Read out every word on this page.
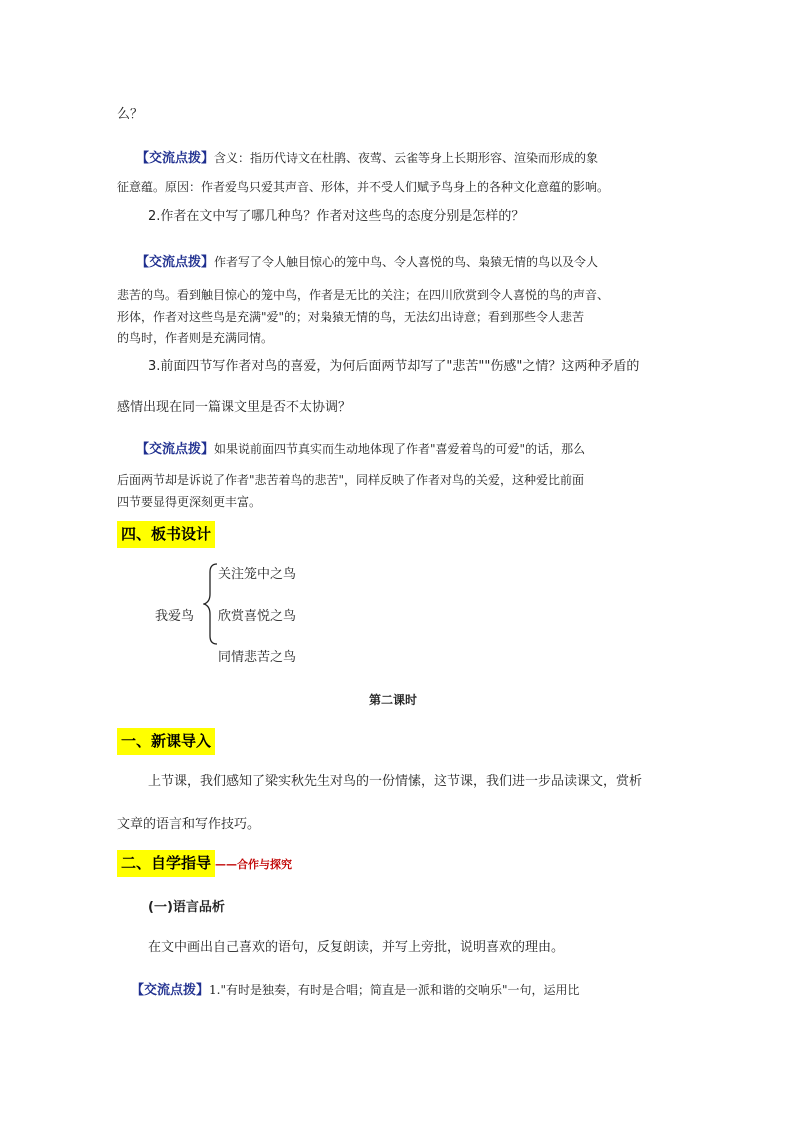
么？
【交流点拨】含义：指历代诗文在杜鹃、夜莺、云雀等身上长期形容、渲染而形成的象
征意蕴。原因：作者爱鸟只爱其声音、形体，并不受人们赋予鸟身上的各种文化意蕴的影响。
2.作者在文中写了哪几种鸟？作者对这些鸟的态度分别是怎样的？
【交流点拨】作者写了令人触目惊心的笼中鸟、令人喜悦的鸟、枭猿无情的鸟以及令人
悲苦的鸟。看到触目惊心的笼中鸟，作者是无比的关注；在四川欣赏到令人喜悦的鸟的声音、
形体，作者对这些鸟是充满"爱"的；对枭猿无情的鸟，无法幻出诗意；看到那些令人悲苦
的鸟时，作者则是充满同情。
3.前面四节写作者对鸟的喜爱，为何后面两节却写了"悲苦""伤感"之情？这两种矛盾的
感情出现在同一篇课文里是否不太协调？
【交流点拨】如果说前面四节真实而生动地体现了作者"喜爱着鸟的可爱"的话，那么
后面两节却是诉说了作者"悲苦着鸟的悲苦"，同样反映了作者对鸟的关爱，这种爱比前面
四节要显得更深刻更丰富。
四、板书设计
关注笼中之鸟
我爱鸟 欣赏喜悦之鸟
同情悲苦之鸟
第二课时
一、新课导入
上节课，我们感知了梁实秋先生对鸟的一份情愫，这节课，我们进一步品读课文，赏析
文章的语言和写作技巧。
二、自学指导 ——合作与探究
(一)语言品析
在文中画出自己喜欢的语句，反复朗读，并写上旁批，说明喜欢的理由。
【交流点拨】1."有时是独奏，有时是合唱；简直是一派和谐的交响乐"一句，运用比
